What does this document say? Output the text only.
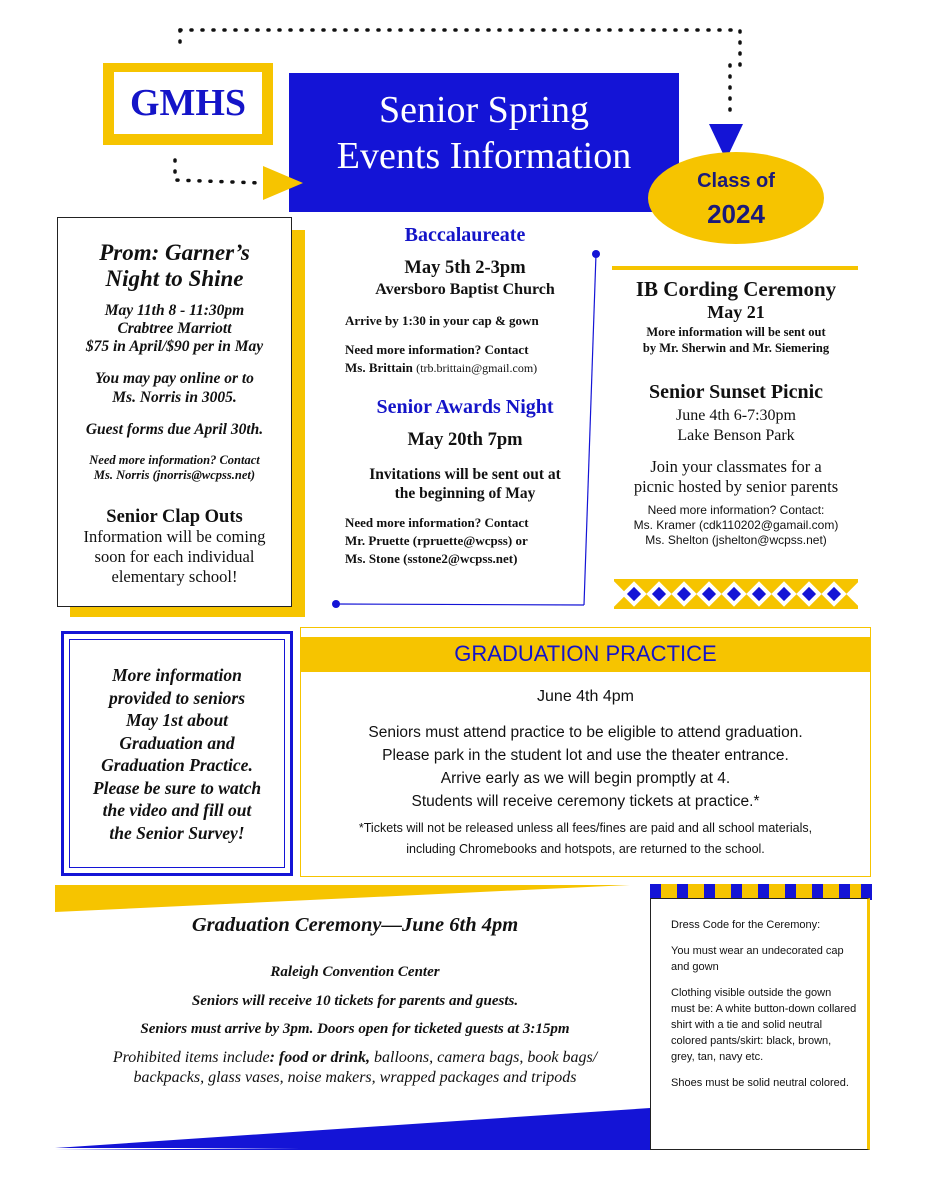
GMHS	Senior Spring
Events Information
Class of
2024
Prom: Garner’s
Night to Shine
May 11th 8 - 11:30pm
Crabtree Marriott
$75 in April/$90 per in May
You may pay online or to
Ms. Norris in 3005.
Guest forms due April 30th.
Need more information? Contact
Ms. Norris (jnorris@wcpss.net)
Senior Clap Outs
Information will be coming
soon for each individual
elementary school!
Baccalaureate
May 5th 2-3pm
Aversboro Baptist Church
Arrive by 1:30 in your cap & gown
Need more information? Contact
Ms. Brittain (trb.brittain@gmail.com)
Senior Awards Night
May 20th 7pm
Invitations will be sent out at
the beginning of May
Need more information? Contact
Mr. Pruette (rpruette@wcpss) or
Ms. Stone (sstone2@wcpss.net)
IB Cording Ceremony
May 21
More information will be sent out
by Mr. Sherwin and Mr. Siemering
Senior Sunset Picnic
June 4th 6-7:30pm
Lake Benson Park
Join your classmates for a
picnic hosted by senior parents
Need more information? Contact:
Ms. Kramer (cdk110202@gamail.com)
Ms. Shelton (jshelton@wcpss.net)
More information
provided to seniors
May 1st about
Graduation and
Graduation Practice.
Please be sure to watch
the video and fill out
the Senior Survey!
GRADUATION PRACTICE
June 4th 4pm
Seniors must attend practice to be eligible to attend graduation.
Please park in the student lot and use the theater entrance.
Arrive early as we will begin promptly at 4.
Students will receive ceremony tickets at practice.*
*Tickets will not be released unless all fees/fines are paid and all school materials,
including Chromebooks and hotspots, are returned to the school.
Graduation Ceremony—June 6th 4pm
Raleigh Convention Center
Seniors will receive 10 tickets for parents and guests.
Seniors must arrive by 3pm. Doors open for ticketed guests at 3:15pm
Prohibited items include: food or drink, balloons, camera bags, book bags/
backpacks, glass vases, noise makers, wrapped packages and tripods
Dress Code for the Ceremony:
You must wear an undecorated cap and gown
Clothing visible outside the gown must be: A white button-down collared shirt with a tie and solid neutral colored pants/skirt: black, brown, grey, tan, navy etc.
Shoes must be solid neutral colored.
